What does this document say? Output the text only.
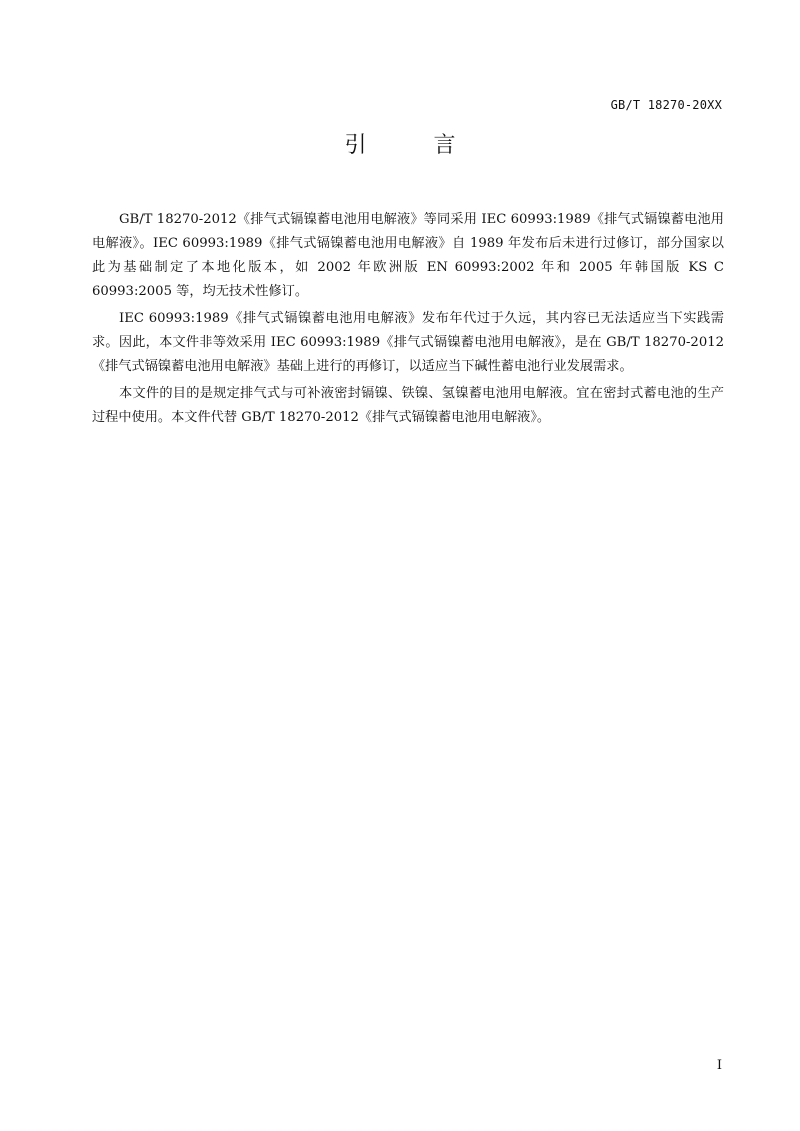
GB/T 18270-20XX
引 言

GB/T 18270-2012《排气式镉镍蓄电池用电解液》等同采用 IEC 60993:1989《排气式镉镍蓄电池用电解液》。IEC 60993:1989《排气式镉镍蓄电池用电解液》自 1989 年发布后未进行过修订，部分国家以此为基础制定了本地化版本，如 2002 年欧洲版 EN 60993:2002 年和 2005 年韩国版 KS C 60993:2005 等，均无技术性修订。

IEC 60993:1989《排气式镉镍蓄电池用电解液》发布年代过于久远，其内容已无法适应当下实践需求。因此，本文件非等效采用 IEC 60993:1989《排气式镉镍蓄电池用电解液》，是在 GB/T 18270-2012《排气式镉镍蓄电池用电解液》基础上进行的再修订，以适应当下碱性蓄电池行业发展需求。

本文件的目的是规定排气式与可补液密封镉镍、铁镍、氢镍蓄电池用电解液。宜在密封式蓄电池的生产过程中使用。本文件代替 GB/T 18270-2012《排气式镉镍蓄电池用电解液》。

I
